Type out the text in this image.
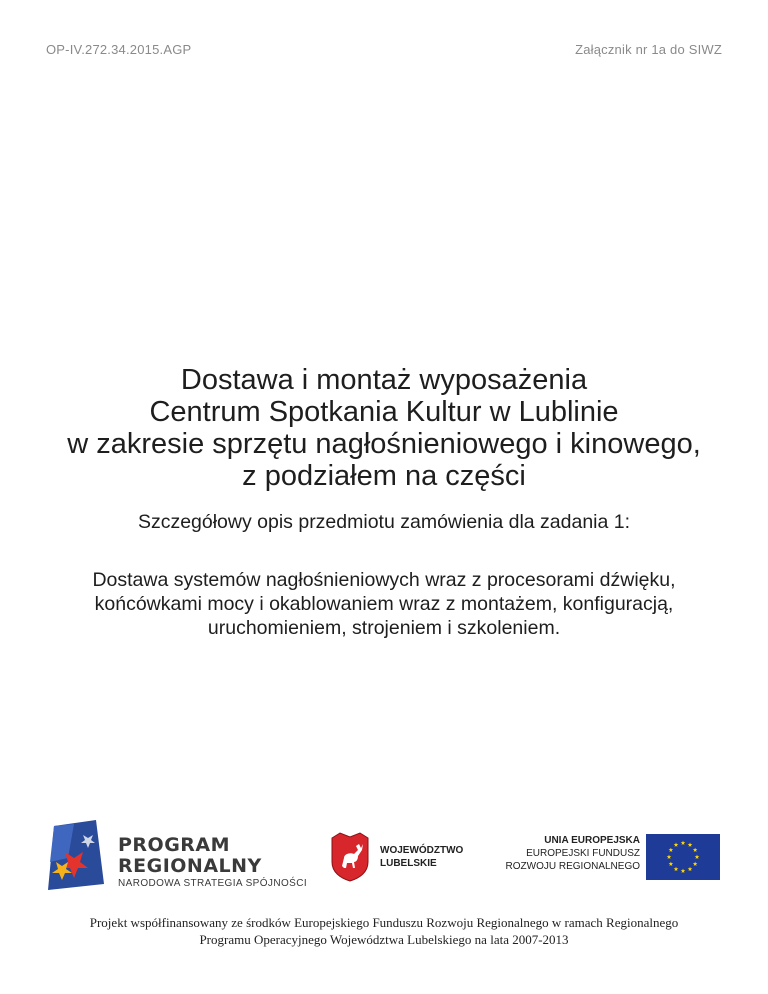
OP-IV.272.34.2015.AGP	Załącznik nr 1a do SIWZ
Dostawa i montaż wyposażenia
Centrum Spotkania Kultur w Lublinie
w zakresie sprzętu nagłośnieniowego i kinowego,
z podziałem na części
Szczegółowy opis przedmiotu zamówienia dla zadania 1:
Dostawa systemów nagłośnieniowych wraz z procesorami dźwięku,
końcówkami mocy i okablowaniem wraz z montażem, konfiguracją,
uruchomieniem, strojeniem i szkoleniem.
PROGRAM
REGIONALNY
NARODOWA STRATEGIA SPÓJNOŚCI
WOJEWÓDZTWO
LUBELSKIE
UNIA EUROPEJSKA
EUROPEJSKI FUNDUSZ
ROZWOJU REGIONALNEGO
Projekt współfinansowany ze środków Europejskiego Funduszu Rozwoju Regionalnego w ramach Regionalnego
Programu Operacyjnego Województwa Lubelskiego na lata 2007-2013
